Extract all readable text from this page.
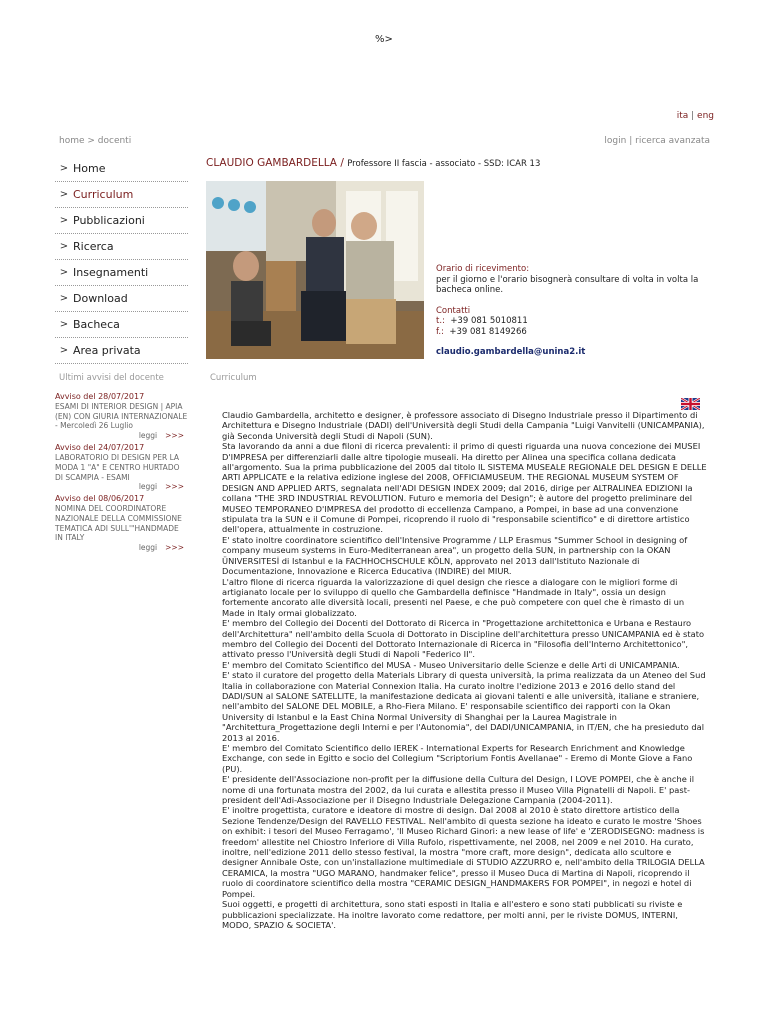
%>
ita | eng
home > docenti	login | ricerca avanzata
> Home
> Curriculum
> Pubblicazioni
> Ricerca
> Insegnamenti
> Download
> Bacheca
> Area privata
Ultimi avvisi del docente
Avviso del 28/07/2017
ESAMI DI INTERIOR DESIGN | APIA (EN) CON GIURIA INTERNAZIONALE - Mercoledì 26 Luglio
leggi >>>
Avviso del 24/07/2017
LABORATORIO DI DESIGN PER LA MODA 1 "A" E CENTRO HURTADO DI SCAMPIA - ESAMI
leggi >>>
Avviso del 08/06/2017
NOMINA DEL COORDINATORE NAZIONALE DELLA COMMISSIONE TEMATICA ADI SULL'"HANDMADE IN ITALY
leggi >>>
CLAUDIO GAMBARDELLA / Professore II fascia - associato - SSD: ICAR 13
Orario di ricevimento:
per il giorno e l'orario bisognerà consultare di volta in volta la bacheca online.
Contatti
t.: +39 081 5010811
f.: +39 081 8149266
claudio.gambardella@unina2.it
Curriculum

Claudio Gambardella, architetto e designer, è professore associato di Disegno Industriale presso il Dipartimento di Architettura e Disegno Industriale (DADI) dell'Università degli Studi della Campania "Luigi Vanvitelli (UNICAMPANIA), già Seconda Università degli Studi di Napoli (SUN).

Sta lavorando da anni a due filoni di ricerca prevalenti: il primo di questi riguarda una nuova concezione dei MUSEI D'IMPRESA per differenziarli dalle altre tipologie museali. Ha diretto per Alinea una specifica collana dedicata all'argomento. Sua la prima pubblicazione del 2005 dal titolo IL SISTEMA MUSEALE REGIONALE DEL DESIGN E DELLE ARTI APPLICATE e la relativa edizione inglese del 2008, OFFICIAMUSEUM. THE REGIONAL MUSEUM SYSTEM OF DESIGN AND APPLIED ARTS, segnalata nell'ADI DESIGN INDEX 2009; dal 2016, dirige per ALTRALINEA EDIZIONI la collana "THE 3RD INDUSTRIAL REVOLUTION. Futuro e memoria del Design"; è autore del progetto preliminare del MUSEO TEMPORANEO D'IMPRESA del prodotto di eccellenza Campano, a Pompei, in base ad una convenzione stipulata tra la SUN e il Comune di Pompei, ricoprendo il ruolo di "responsabile scientifico" e di direttore artistico dell'opera, attualmente in costruzione.

E' stato inoltre coordinatore scientifico dell'Intensive Programme / LLP Erasmus "Summer School in designing of company museum systems in Euro-Mediterranean area", un progetto della SUN, in partnership con la OKAN ÜNIVERSITESİ di Istanbul e la FACHHOCHSCHULE KÖLN, approvato nel 2013 dall'Istituto Nazionale di Documentazione, Innovazione e Ricerca Educativa (INDIRE) del MIUR.

L'altro filone di ricerca riguarda la valorizzazione di quel design che riesce a dialogare con le migliori forme di artigianato locale per lo sviluppo di quello che Gambardella definisce "Handmade in Italy", ossia un design fortemente ancorato alle diversità locali, presenti nel Paese, e che può competere con quel che è rimasto di un Made in Italy ormai globalizzato.

E' membro del Collegio dei Docenti del Dottorato di Ricerca in "Progettazione architettonica e Urbana e Restauro dell'Architettura" nell'ambito della Scuola di Dottorato in Discipline dell'architettura presso UNICAMPANIA ed è stato membro del Collegio dei Docenti del Dottorato Internazionale di Ricerca in "Filosofia dell'Interno Architettonico", attivato presso l'Università degli Studi di Napoli "Federico II".

E' membro del Comitato Scientifico del MUSA - Museo Universitario delle Scienze e delle Arti di UNICAMPANIA.

E' stato il curatore del progetto della Materials Library di questa università, la prima realizzata da un Ateneo del Sud Italia in collaborazione con Material Connexion Italia. Ha curato inoltre l'edizione 2013 e 2016 dello stand del DADI/SUN al SALONE SATELLITE, la manifestazione dedicata ai giovani talenti e alle università, italiane e straniere, nell'ambito del SALONE DEL MOBILE, a Rho-Fiera Milano. E' responsabile scientifico dei rapporti con la Okan University di Istanbul e la East China Normal University di Shanghai per la Laurea Magistrale in "Architettura_Progettazione degli Interni e per l'Autonomia", del DADI/UNICAMPANIA, in IT/EN, che ha presieduto dal 2013 al 2016.

E' membro del Comitato Scientifico dello IEREK - International Experts for Research Enrichment and Knowledge Exchange, con sede in Egitto e socio del Collegium "Scriptorium Fontis Avellanae" - Eremo di Monte Giove a Fano (PU).

E' presidente dell'Associazione non-profit per la diffusione della Cultura del Design, I LOVE POMPEI, che è anche il nome di una fortunata mostra del 2002, da lui curata e allestita presso il Museo Villa Pignatelli di Napoli. E' past-president dell'Adi-Associazione per il Disegno Industriale Delegazione Campania (2004-2011).

E' inoltre progettista, curatore e ideatore di mostre di design. Dal 2008 al 2010 è stato direttore artistico della Sezione Tendenze/Design del RAVELLO FESTIVAL. Nell'ambito di questa sezione ha ideato e curato le mostre 'Shoes on exhibit: i tesori del Museo Ferragamo', 'Il Museo Richard Ginori: a new lease of life' e 'ZERODISEGNO: madness is freedom' allestite nel Chiostro Inferiore di Villa Rufolo, rispettivamente, nel 2008, nel 2009 e nel 2010. Ha curato, inoltre, nell'edizione 2011 dello stesso festival, la mostra "more craft, more design", dedicata allo scultore e designer Annibale Oste, con un'installazione multimediale di STUDIO AZZURRO e, nell'ambito della TRILOGIA DELLA CERAMICA, la mostra "UGO MARANO, handmaker felice", presso il Museo Duca di Martina di Napoli, ricoprendo il ruolo di coordinatore scientifico della mostra "CERAMIC DESIGN_HANDMAKERS FOR POMPEI", in negozi e hotel di Pompei.

Suoi oggetti, e progetti di architettura, sono stati esposti in Italia e all'estero e sono stati pubblicati su riviste e pubblicazioni specializzate. Ha inoltre lavorato come redattore, per molti anni, per le riviste DOMUS, INTERNI, MODO, SPAZIO & SOCIETA'.
